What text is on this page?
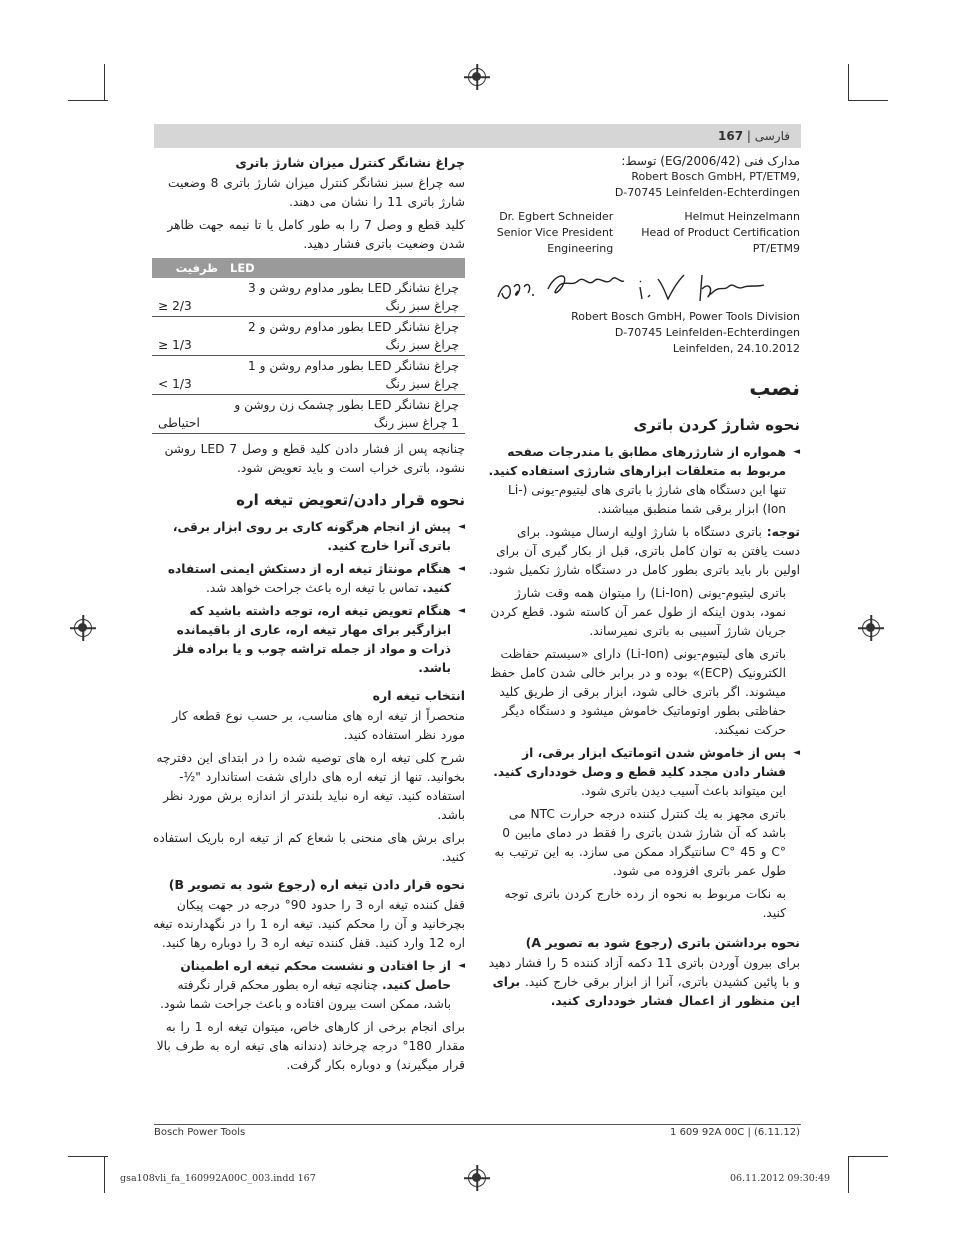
فارسی | 167
مدارک فنی (2006/42/EG) توسط:
Robert Bosch GmbH, PT/ETM9,
D-70745 Leinfelden-Echterdingen
Dr. Egbert Schneider
Senior Vice President
Engineering
Helmut Heinzelmann
Head of Product Certification
PT/ETM9
Robert Bosch GmbH, Power Tools Division
D-70745 Leinfelden-Echterdingen
Leinfelden, 24.10.2012
نصب
نحوه شارژ کردن باتری
◄ همواره از شارژرهای مطابق با مندرجات صفحه مربوط به متعلقات ابزارهای شارژی استفاده کنید. تنها این دستگاه های شارژ با باتری های لیتیوم-یونی (Li-Ion) ابزار برقی شما منطبق میباشند.
توجه: باتری دستگاه با شارژ اولیه ارسال میشود. برای دست یافتن به توان کامل باتری، قبل از بکار گیری آن برای اولین بار باید باتری بطور کامل در دستگاه شارژ تکمیل شود.
باتری لیتیوم-یونی (Li-Ion) را میتوان همه وقت شارژ نمود، بدون اینکه از طول عمر آن کاسته شود. قطع کردن جریان شارژ آسیبی به باتری نمیرساند.
باتری های لیتیوم-یونی (Li-Ion) دارای «سیستم حفاظت الکترونیک (ECP)» بوده و در برابر خالی شدن کامل حفظ میشوند. اگر باتری خالی شود، ابزار برقی از طریق کلید حفاظتی بطور اوتوماتیک خاموش میشود و دستگاه دیگر حرکت نمیکند.
◄ پس از خاموش شدن اتوماتیک ابزار برقی، از فشار دادن مجدد کلید قطع و وصل خودداری کنید. این میتواند باعث آسیب دیدن باتری شود.
باتری مجهز به یك کنترل کننده درجه حرارت NTC می باشد که آن شارژ شدن باتری را فقط در دمای مابین 0 °C و 45 °C سانتیگراد ممکن می سازد. به این ترتیب به طول عمر باتری افزوده می شود.
به نکات مربوط به نحوه از رده خارج کردن باتری توجه کنید.
نحوه برداشتن باتری (رجوع شود به تصویر A)
برای بیرون آوردن باتری 11 دکمه آزاد کننده 5 را فشار دهید و با پائین کشیدن باتری، آنرا از ابزار برقی خارج کنید. برای این منظور از اعمال فشار خودداری کنید.
چراغ نشانگر کنترل میزان شارژ باتری
سه چراغ سبز نشانگر کنترل میزان شارژ باتری 8 وضعیت شارژ باتری 11 را نشان می دهند.
کلید قطع و وصل 7 را به طور کامل یا تا نیمه جهت ظاهر شدن وضعیت باتری فشار دهید.
LED	ظرفیت
چراغ نشانگر LED بطور مداوم روشن و 3 چراغ سبز رنگ	≥ 2/3
چراغ نشانگر LED بطور مداوم روشن و 2 چراغ سبز رنگ	≥ 1/3
چراغ نشانگر LED بطور مداوم روشن و 1 چراغ سبز رنگ	< 1/3
چراغ نشانگر LED بطور چشمک زن روشن و 1 چراغ سبز رنگ	احتیاطی
چنانچه پس از فشار دادن کلید قطع و وصل 7 LED روشن نشود، باتری خراب است و باید تعویض شود.
نحوه قرار دادن/تعویض تیغه اره
◄ پیش از انجام هرگونه کاری بر روی ابزار برقی، باتری آنرا خارج کنید.
◄ هنگام مونتاژ تیغه اره از دستکش ایمنی استفاده کنید. تماس با تیغه اره باعث جراحت خواهد شد.
◄ هنگام تعویض تیغه اره، توجه داشته باشید که ابزارگیر برای مهار تیغه اره، عاری از باقیمانده ذرات و مواد از جمله تراشه چوب و یا براده فلز باشد.
انتخاب تیغه اره
منحصراً از تیغه اره های مناسب، بر حسب نوع قطعه کار مورد نظر استفاده کنید.
شرح کلی تیغه اره های توصیه شده را در ابتدای این دفترچه بخوانید. تنها از تیغه اره های دارای شفت استاندارد "½-استفاده کنید. تیغه اره نباید بلندتر از اندازه برش مورد نظر باشد.
برای برش های منحنی با شعاع کم از تیغه اره باریک استفاده کنید.
نحوه قرار دادن تیغه اره (رجوع شود به تصویر B)
قفل کننده تیغه اره 3 را حدود 90° درجه در جهت پیکان بچرخانید و آن را محکم کنید. تیغه اره 1 را در نگهدارنده تیغه اره 12 وارد کنید. قفل کننده تیغه اره 3 را دوباره رها کنید.
◄ از جا افتادن و نشست محکم تیغه اره اطمینان حاصل کنید. چنانچه تیغه اره بطور محکم قرار نگرفته باشد، ممکن است بیرون افتاده و باعث جراحت شما شود.
برای انجام برخی از کارهای خاص، میتوان تیغه اره 1 را به مقدار 180° درجه چرخاند (دندانه های تیغه اره به طرف بالا قرار میگیرند) و دوباره بکار گرفت.
Bosch Power Tools	1 609 92A 00C | (6.11.12)
gsa108vli_fa_160992A00C_003.indd 167	06.11.2012 09:30:49
